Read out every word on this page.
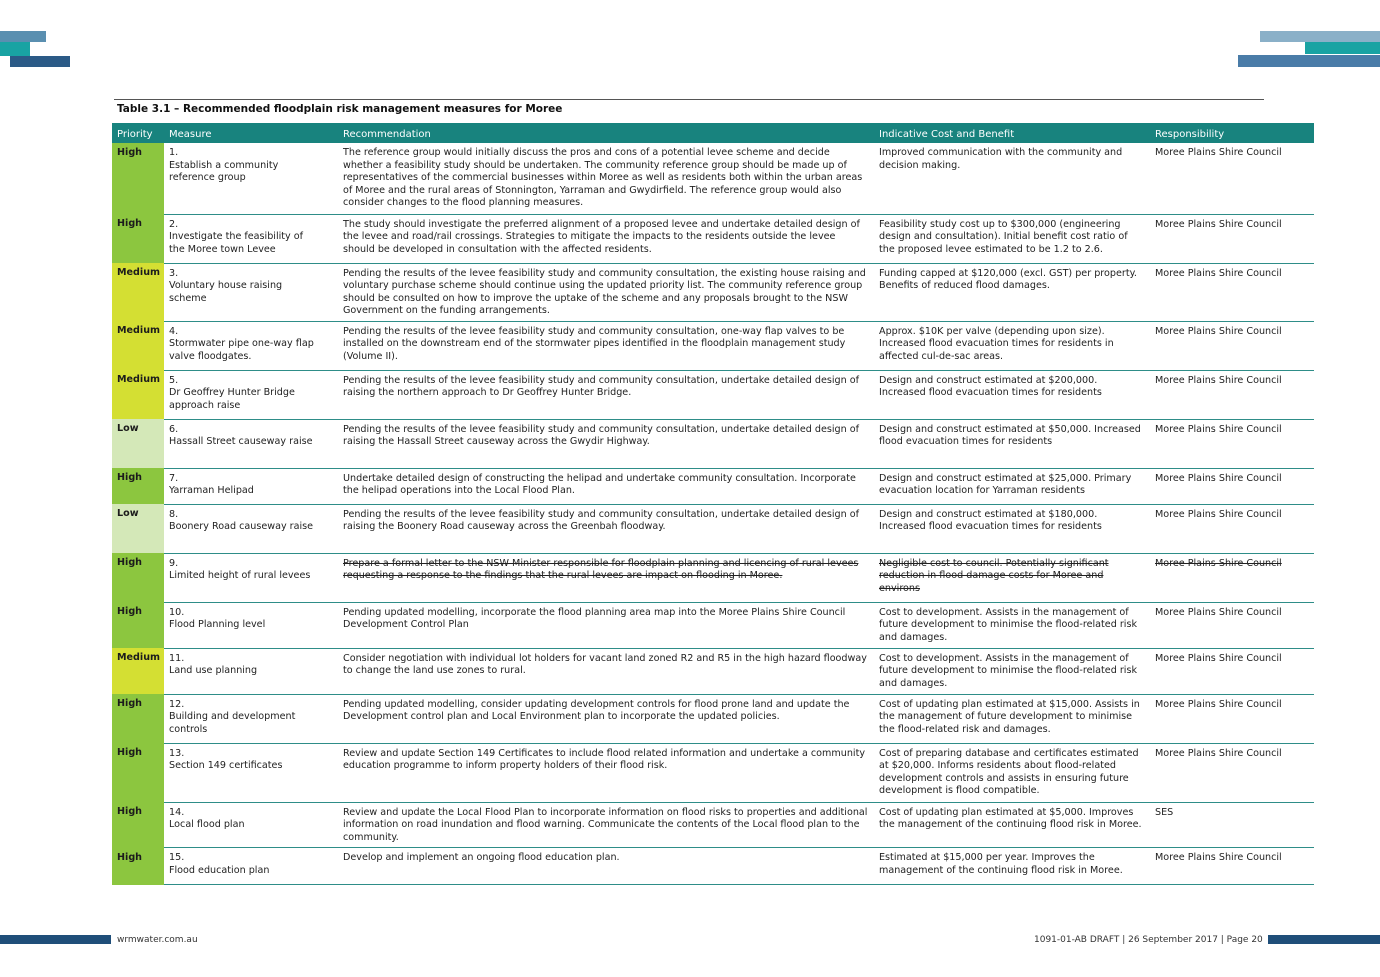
Table 3.1 – Recommended floodplain risk management measures for Moree
Priority	Measure	Recommendation	Indicative Cost and Benefit	Responsibility
High	1.Establish a community reference group	The reference group would initially discuss the pros and cons of a potential levee scheme and decide whether a feasibility study should be undertaken. The community reference group should be made up of representatives of the commercial businesses within Moree as well as residents both within the urban areas of Moree and the rural areas of Stonnington, Yarraman and Gwydirfield. The reference group would also consider changes to the flood planning measures.	Improved communication with the community and decision making.	Moree Plains Shire Council
High	2.Investigate the feasibility of the Moree town Levee	The study should investigate the preferred alignment of a proposed levee and undertake detailed design of the levee and road/rail crossings. Strategies to mitigate the impacts to the residents outside the levee should be developed in consultation with the affected residents.	Feasibility study cost up to $300,000 (engineering design and consultation). Initial benefit cost ratio of the proposed levee estimated to be 1.2 to 2.6.	Moree Plains Shire Council
Medium	3.Voluntary house raising scheme	Pending the results of the levee feasibility study and community consultation, the existing house raising and voluntary purchase scheme should continue using the updated priority list. The community reference group should be consulted on how to improve the uptake of the scheme and any proposals brought to the NSW Government on the funding arrangements.	Funding capped at $120,000 (excl. GST) per property. Benefits of reduced flood damages.	Moree Plains Shire Council
Medium	4.Stormwater pipe one-way flap valve floodgates.	Pending the results of the levee feasibility study and community consultation, one-way flap valves to be installed on the downstream end of the stormwater pipes identified in the floodplain management study (Volume II).	Approx. $10K per valve (depending upon size). Increased flood evacuation times for residents in affected cul-de-sac areas.	Moree Plains Shire Council
Medium	5.Dr Geoffrey Hunter Bridge approach raise	Pending the results of the levee feasibility study and community consultation, undertake detailed design of raising the northern approach to Dr Geoffrey Hunter Bridge.	Design and construct estimated at $200,000. Increased flood evacuation times for residents	Moree Plains Shire Council
Low	6.Hassall Street causeway raise	Pending the results of the levee feasibility study and community consultation, undertake detailed design of raising the Hassall Street causeway across the Gwydir Highway.	Design and construct estimated at $50,000. Increased flood evacuation times for residents	Moree Plains Shire Council
High	7.Yarraman Helipad	Undertake detailed design of constructing the helipad and undertake community consultation. Incorporate the helipad operations into the Local Flood Plan.	Design and construct estimated at $25,000. Primary evacuation location for Yarraman residents	Moree Plains Shire Council
Low	8.Boonery Road causeway raise	Pending the results of the levee feasibility study and community consultation, undertake detailed design of raising the Boonery Road causeway across the Greenbah floodway.	Design and construct estimated at $180,000. Increased flood evacuation times for residents	Moree Plains Shire Council
High	9.Limited height of rural levees	Prepare a formal letter to the NSW Minister responsible for floodplain planning and licencing of rural levees requesting a response to the findings that the rural levees are impact on flooding in Moree.	Negligible cost to council. Potentially significant reduction in flood damage costs for Moree and environs	Moree Plains Shire Council
High	10.Flood Planning level	Pending updated modelling, incorporate the flood planning area map into the Moree Plains Shire Council Development Control Plan	Cost to development. Assists in the management of future development to minimise the flood-related risk and damages.	Moree Plains Shire Council
Medium	11.Land use planning	Consider negotiation with individual lot holders for vacant land zoned R2 and R5 in the high hazard floodway to change the land use zones to rural.	Cost to development. Assists in the management of future development to minimise the flood-related risk and damages.	Moree Plains Shire Council
High	12.Building and development controls	Pending updated modelling, consider updating development controls for flood prone land and update the Development control plan and Local Environment plan to incorporate the updated policies.	Cost of updating plan estimated at $15,000. Assists in the management of future development to minimise the flood-related risk and damages.	Moree Plains Shire Council
High	13.Section 149 certificates	Review and update Section 149 Certificates to include flood related information and undertake a community education programme to inform property holders of their flood risk.	Cost of preparing database and certificates estimated at $20,000. Informs residents about flood-related development controls and assists in ensuring future development is flood compatible.	Moree Plains Shire Council
High	14.Local flood plan	Review and update the Local Flood Plan to incorporate information on flood risks to properties and additional information on road inundation and flood warning. Communicate the contents of the Local flood plan to the community.	Cost of updating plan estimated at $5,000. Improves the management of the continuing flood risk in Moree.	SES
High	15.Flood education plan	Develop and implement an ongoing flood education plan.	Estimated at $15,000 per year. Improves the management of the continuing flood risk in Moree.	Moree Plains Shire Council
wrmwater.com.au	1091-01-AB DRAFT | 26 September 2017 | Page 20
